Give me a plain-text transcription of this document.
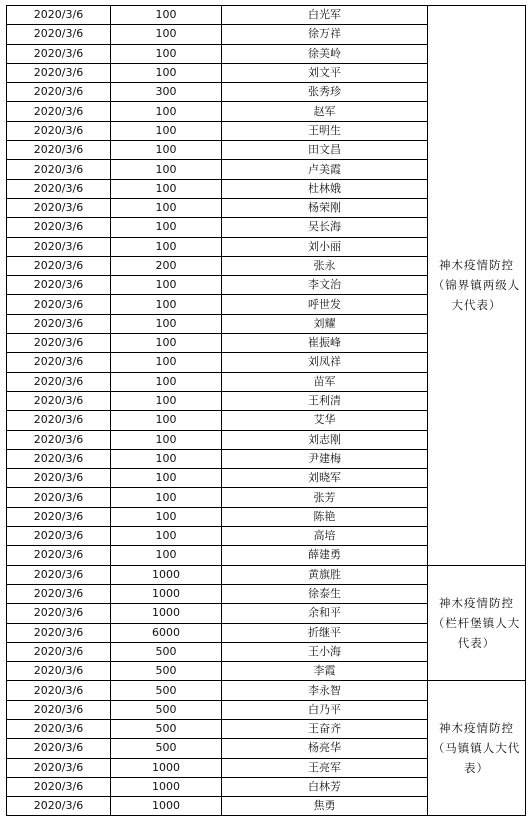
2020/3/6	100	白光军	神木疫情防控（锦界镇两级人大代表）
2020/3/6	100	徐万祥	
2020/3/6	100	徐美岭	
2020/3/6	100	刘文平	
2020/3/6	300	张秀珍	
2020/3/6	100	赵军	
2020/3/6	100	王明生	
2020/3/6	100	田文昌	
2020/3/6	100	卢美霞	
2020/3/6	100	杜林娥	
2020/3/6	100	杨荣刚	
2020/3/6	100	吴长海	
2020/3/6	100	刘小丽	
2020/3/6	200	张永	
2020/3/6	100	李文治	
2020/3/6	100	呼世发	
2020/3/6	100	刘耀	
2020/3/6	100	崔振峰	
2020/3/6	100	刘凤祥	
2020/3/6	100	苗军	
2020/3/6	100	王利清	
2020/3/6	100	艾华	
2020/3/6	100	刘志刚	
2020/3/6	100	尹建梅	
2020/3/6	100	刘晓军	
2020/3/6	100	张芳	
2020/3/6	100	陈艳	
2020/3/6	100	高培	
2020/3/6	100	薛建勇	
2020/3/6	1000	黄旗胜	神木疫情防控（栏杆堡镇人大代表）
2020/3/6	1000	徐泰生	
2020/3/6	1000	余和平	
2020/3/6	6000	折继平	
2020/3/6	500	王小海	
2020/3/6	500	李霞	
2020/3/6	500	李永智	神木疫情防控（马镇镇人大代表）
2020/3/6	500	白乃平	
2020/3/6	500	王奋齐	
2020/3/6	500	杨亮华	
2020/3/6	1000	王亮军	
2020/3/6	1000	白林芳	
2020/3/6	1000	焦勇	
